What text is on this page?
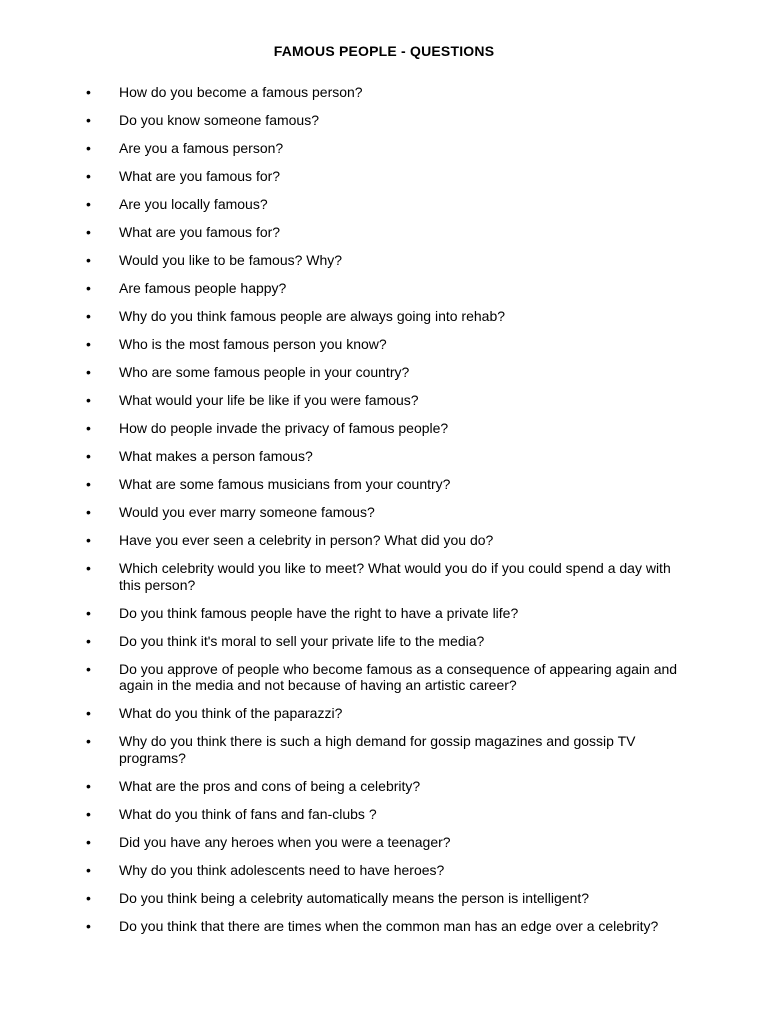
FAMOUS PEOPLE - QUESTIONS
• How do you become a famous person?
• Do you know someone famous?
• Are you a famous person?
• What are you famous for?
• Are you locally famous?
• What are you famous for?
• Would you like to be famous? Why?
• Are famous people happy?
• Why do you think famous people are always going into rehab?
• Who is the most famous person you know?
• Who are some famous people in your country?
• What would your life be like if you were famous?
• How do people invade the privacy of famous people?
• What makes a person famous?
• What are some famous musicians from your country?
• Would you ever marry someone famous?
• Have you ever seen a celebrity in person? What did you do?
• Which celebrity would you like to meet? What would you do if you could spend a day with this person?
• Do you think famous people have the right to have a private life?
• Do you think it's moral to sell your private life to the media?
• Do you approve of people who become famous as a consequence of appearing again and again in the media and not because of having an artistic career?
• What do you think of the paparazzi?
• Why do you think there is such a high demand for gossip magazines and gossip TV programs?
• What are the pros and cons of being a celebrity?
• What do you think of fans and fan-clubs ?
• Did you have any heroes when you were a teenager?
• Why do you think adolescents need to have heroes?
• Do you think being a celebrity automatically means the person is intelligent?
• Do you think that there are times when the common man has an edge over a celebrity?
